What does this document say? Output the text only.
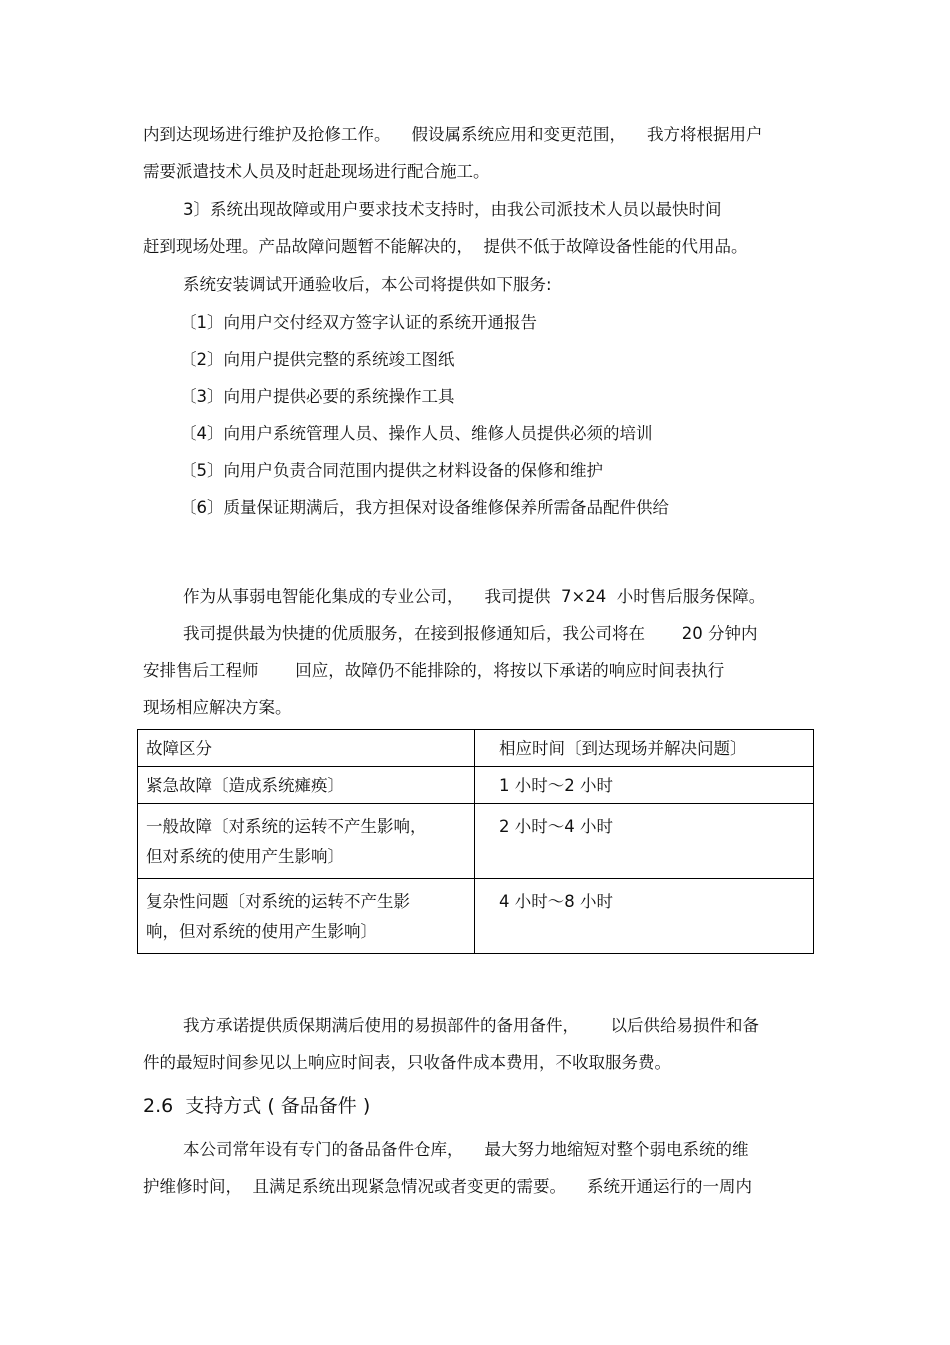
内到达现场进行维护及抢修工作。    假设属系统应用和变更范围，    我方将根据用户
需要派遣技术人员及时赶赴现场进行配合施工。
3〕系统出现故障或用户要求技术支持时，由我公司派技术人员以最快时间
赶到现场处理。产品故障问题暂不能解决的，  提供不低于故障设备性能的代用品。
系统安装调试开通验收后，本公司将提供如下服务:
〔1〕向用户交付经双方签字认证的系统开通报告
〔2〕向用户提供完整的系统竣工图纸
〔3〕向用户提供必要的系统操作工具
〔4〕向用户系统管理人员、操作人员、维修人员提供必须的培训
〔5〕向用户负责合同范围内提供之材料设备的保修和维护
〔6〕质量保证期满后，我方担保对设备维修保养所需备品配件供给
作为从事弱电智能化集成的专业公司，    我司提供  7×24  小时售后服务保障。
我司提供最为快捷的优质服务，在接到报修通知后，我公司将在       20 分钟内
安排售后工程师       回应，故障仍不能排除的，将按以下承诺的响应时间表执行
现场相应解决方案。
故障区分	相应时间〔到达现场并解决问题〕
紧急故障〔造成系统瘫痪〕	1 小时～2 小时

一般故障〔对系统的运转不产生影响，
但对系统的使用产生影响〕	2 小时～4 小时

复杂性问题〔对系统的运转不产生影
响，但对系统的使用产生影响〕	4 小时～8 小时
我方承诺提供质保期满后使用的易损部件的备用备件，      以后供给易损件和备
件的最短时间参见以上响应时间表，只收备件成本费用，不收取服务费。
2.6  支持方式 ( 备品备件 )
本公司常年设有专门的备品备件仓库，    最大努力地缩短对整个弱电系统的维
护维修时间，  且满足系统出现紧急情况或者变更的需要。    系统开通运行的一周内
